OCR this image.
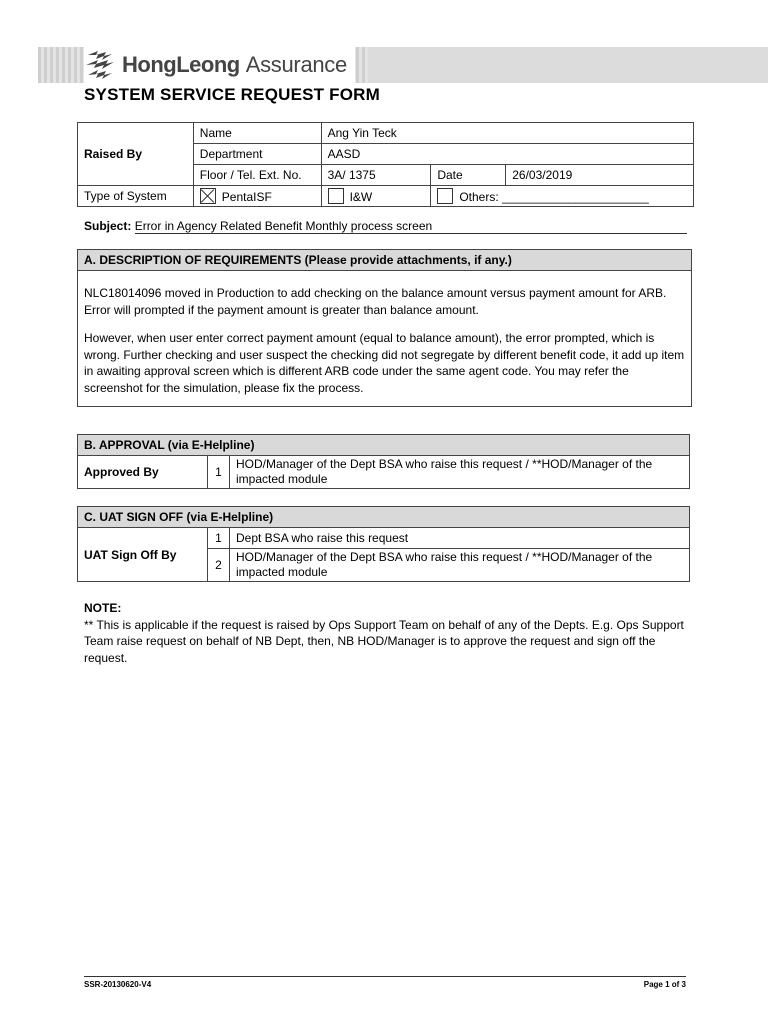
HongLeong Assurance
SYSTEM SERVICE REQUEST FORM
Raised By	Name	Ang Yin Teck		
	Department	AASD		
	Floor / Tel. Ext. No.	3A/ 1375	Date	26/03/2019
Type of System	PentaISF	I&W	Others: ______________________	
Subject: Error in Agency Related Benefit Monthly process screen
A. DESCRIPTION OF REQUIREMENTS (Please provide attachments, if any.)

NLC18014096 moved in Production to add checking on the balance amount versus payment amount for ARB. Error will prompted if the payment amount is greater than balance amount.

However, when user enter correct payment amount (equal to balance amount), the error prompted, which is wrong. Further checking and user suspect the checking did not segregate by different benefit code, it add up item in awaiting approval screen which is different ARB code under the same agent code. You may refer the screenshot for the simulation, please fix the process.

B. APPROVAL (via E-Helpline)
Approved By	1	HOD/Manager of the Dept BSA who raise this request / **HOD/Manager of the impacted module
C. UAT SIGN OFF (via E-Helpline)		
UAT Sign Off By	1	Dept BSA who raise this request
	2	HOD/Manager of the Dept BSA who raise this request / **HOD/Manager of the impacted module
NOTE:
** This is applicable if the request is raised by Ops Support Team on behalf of any of the Depts. E.g. Ops Support Team raise request on behalf of NB Dept, then, NB HOD/Manager is to approve the request and sign off the request.
SSR-20130620-V4	Page 1 of 3
